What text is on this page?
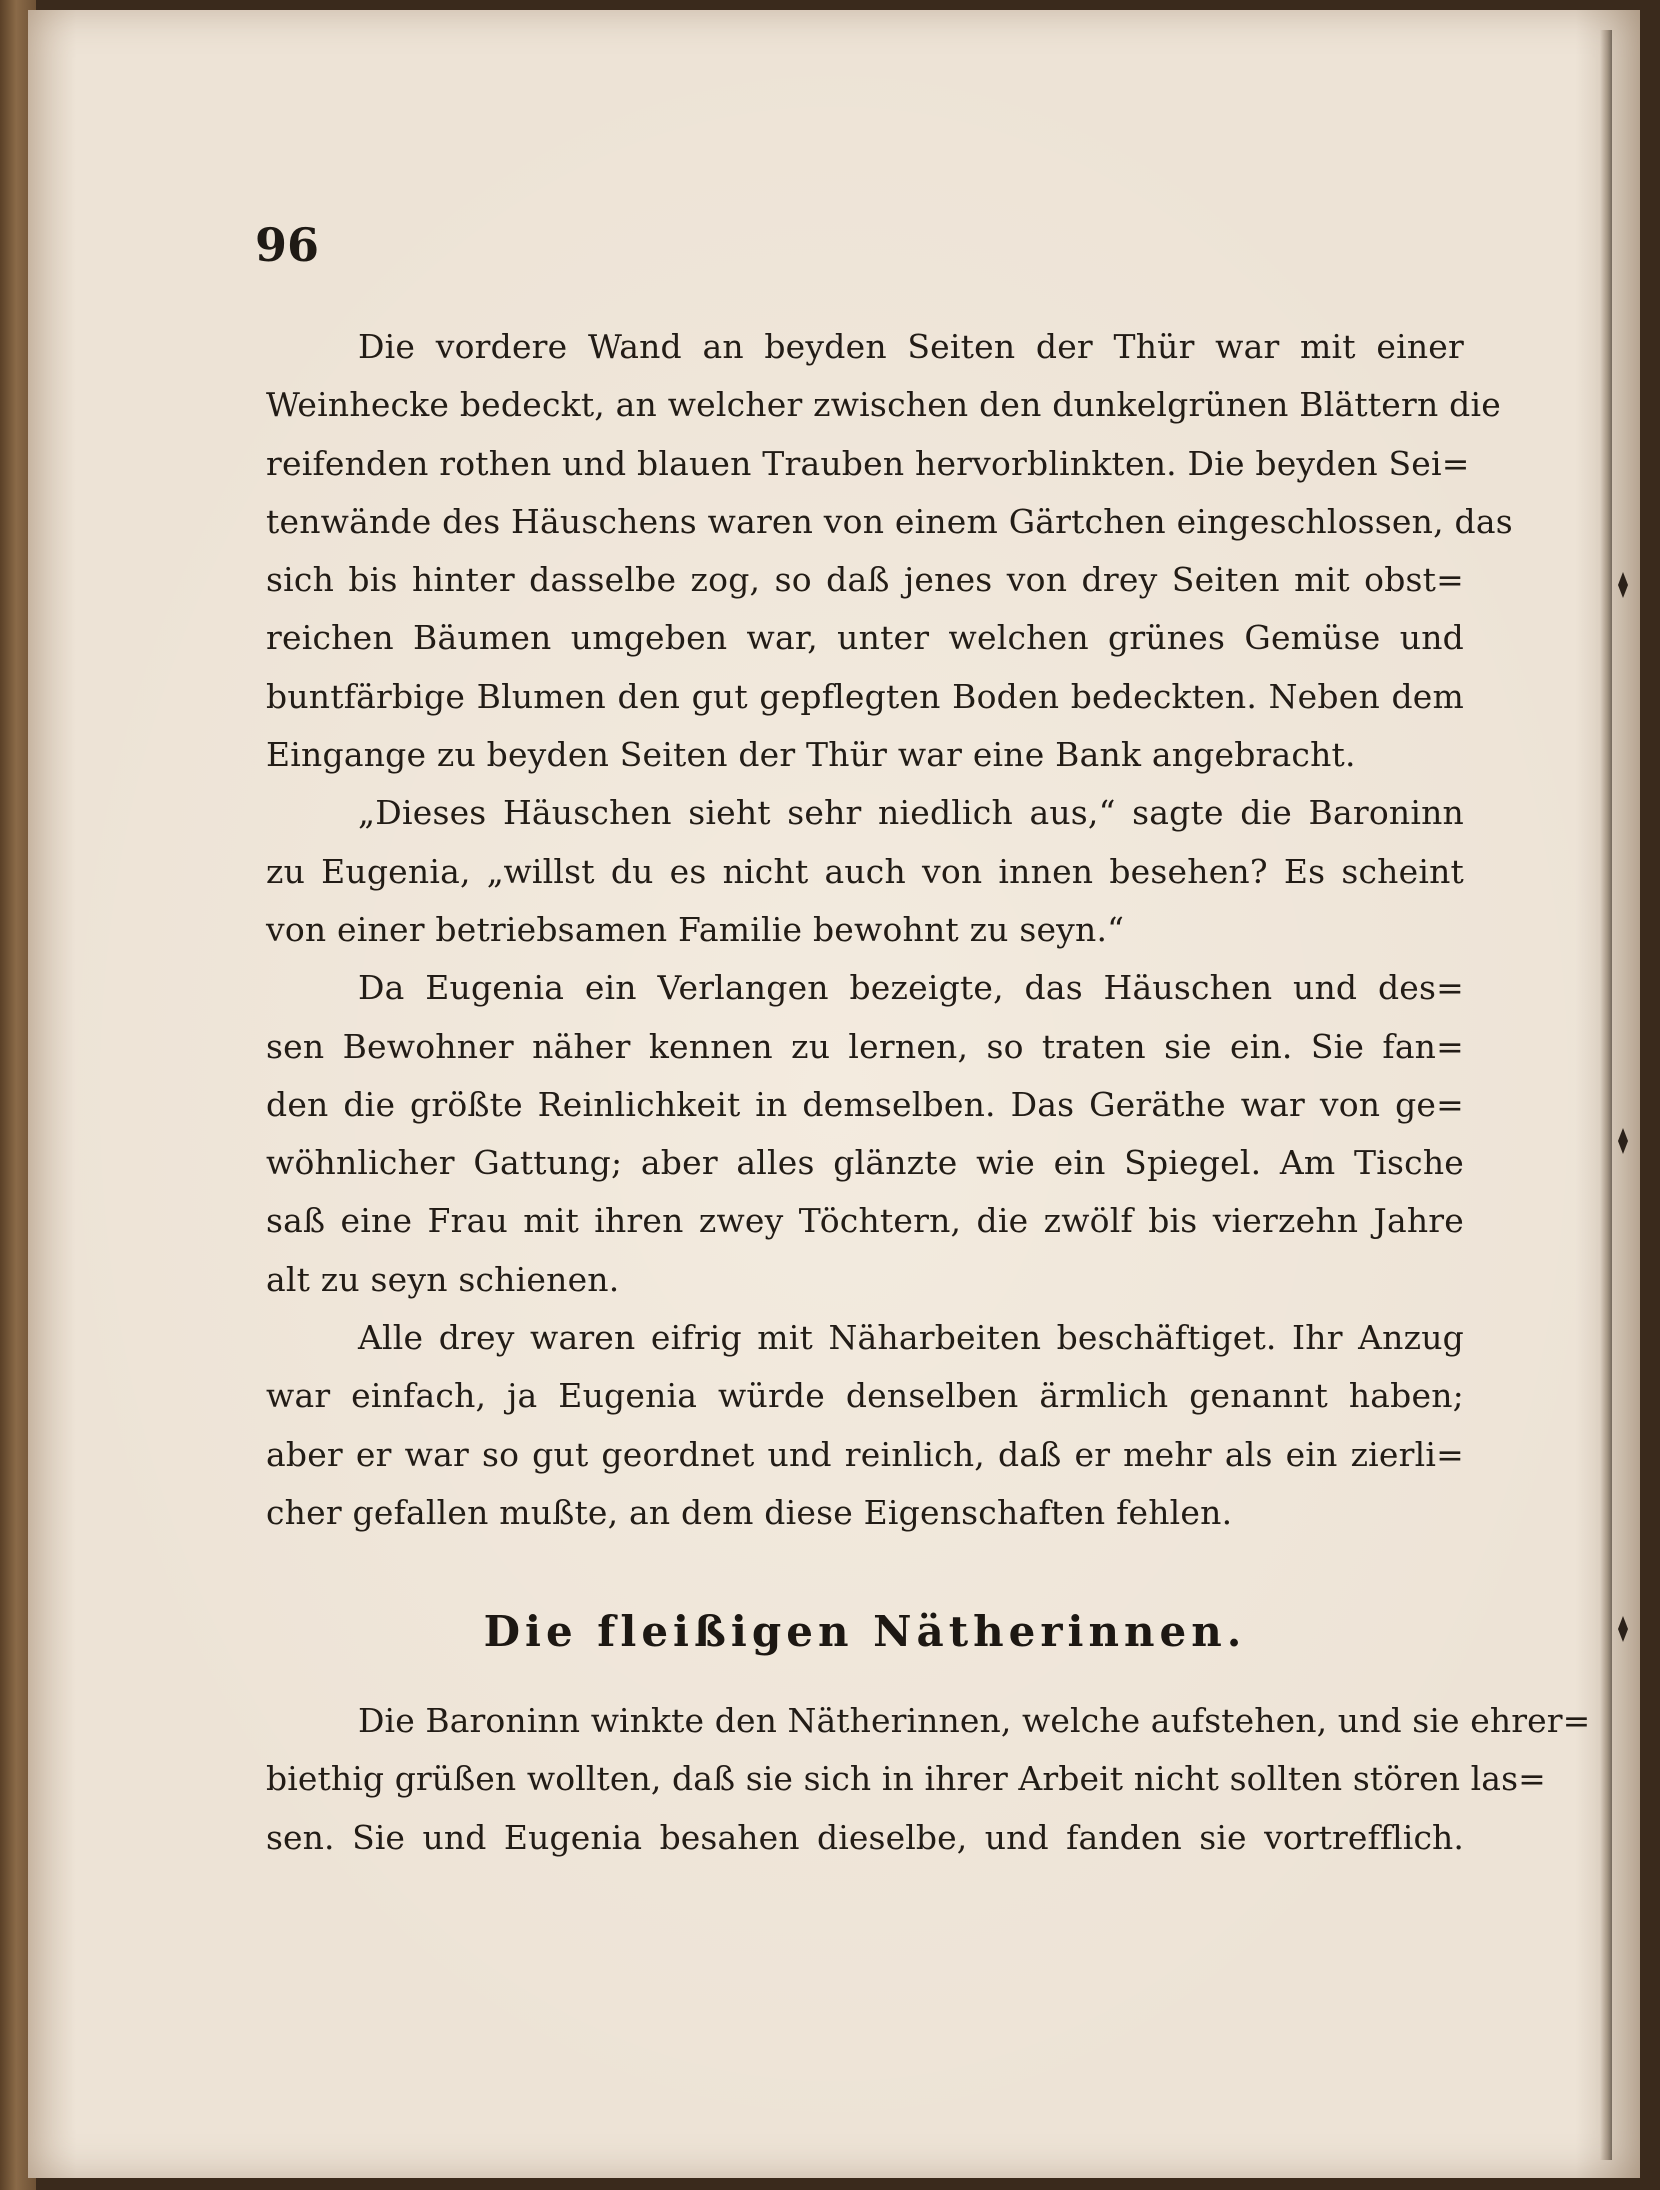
96
Die vordere Wand an beyden Seiten der Thür war mit einer
Weinhecke bedeckt, an welcher zwischen den dunkelgrünen Blättern die
reifenden rothen und blauen Trauben hervorblinkten. Die beyden Sei=
tenwände des Häuschens waren von einem Gärtchen eingeschlossen, das
sich bis hinter dasselbe zog, so daß jenes von drey Seiten mit obst=
reichen Bäumen umgeben war, unter welchen grünes Gemüse und
buntfärbige Blumen den gut gepflegten Boden bedeckten. Neben dem
Eingange zu beyden Seiten der Thür war eine Bank angebracht.
„Dieses Häuschen sieht sehr niedlich aus,“ sagte die Baroninn
zu Eugenia, „willst du es nicht auch von innen besehen? Es scheint
von einer betriebsamen Familie bewohnt zu seyn.“
Da Eugenia ein Verlangen bezeigte, das Häuschen und des=
sen Bewohner näher kennen zu lernen, so traten sie ein. Sie fan=
den die größte Reinlichkeit in demselben. Das Geräthe war von ge=
wöhnlicher Gattung; aber alles glänzte wie ein Spiegel. Am Tische
saß eine Frau mit ihren zwey Töchtern, die zwölf bis vierzehn Jahre
alt zu seyn schienen.
Alle drey waren eifrig mit Näharbeiten beschäftiget. Ihr Anzug
war einfach, ja Eugenia würde denselben ärmlich genannt haben;
aber er war so gut geordnet und reinlich, daß er mehr als ein zierli=
cher gefallen mußte, an dem diese Eigenschaften fehlen.
Die fleißigen Nätherinnen.
Die Baroninn winkte den Nätherinnen, welche aufstehen, und sie ehrer=
biethig grüßen wollten, daß sie sich in ihrer Arbeit nicht sollten stören las=
sen. Sie und Eugenia besahen dieselbe, und fanden sie vortrefflich.
